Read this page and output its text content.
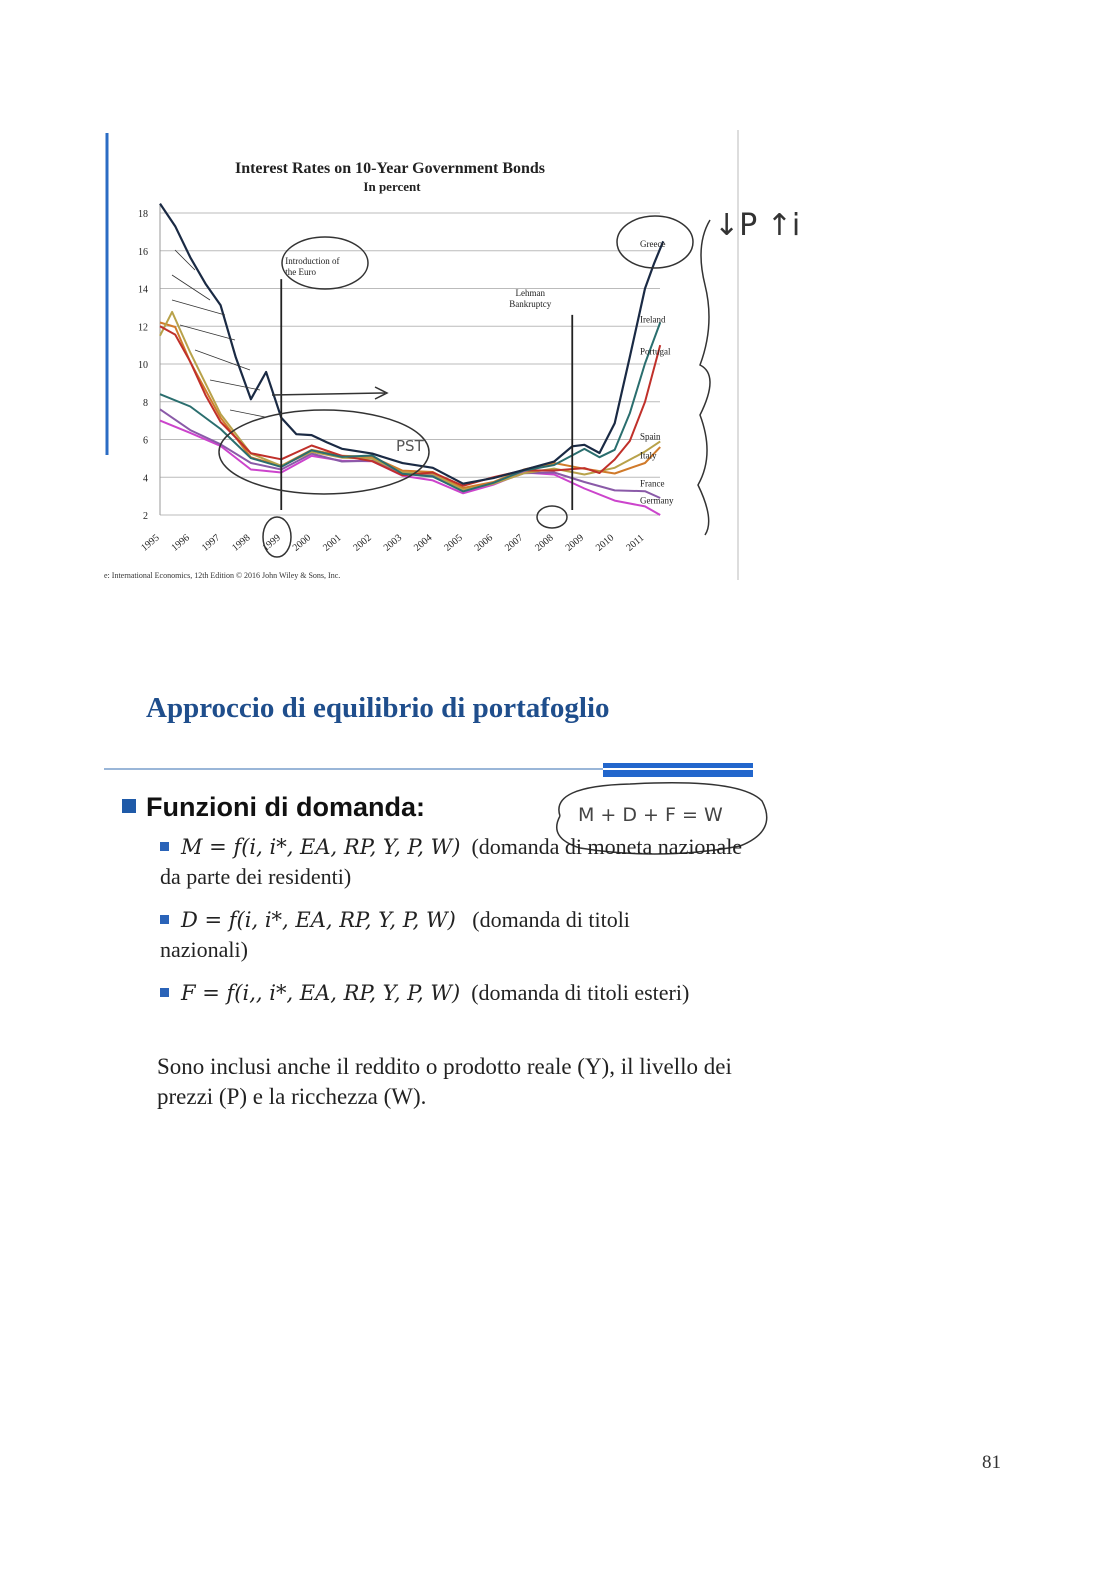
Interest Rates on 10-Year Government Bonds
In percent
2
4
6
8
10
12
14
16
18
1995 1996 1997 1998 1999 2000 2001 2002 2003 2004 2005 2006 2007 2008 2009 2010 2011
Greece
Ireland
Portugal
Spain
Italy
France
Germany
Introduction of
the Euro
Lehman
Bankruptcy
PST
e: International Economics, 12th Edition © 2016 John Wiley & Sons, Inc.
↓P ↑i
Approccio di equilibrio di portafoglio
Funzioni di domanda:	M + D + F = W
M = f(i, i*, EA, RP, Y, P, W) (domanda di moneta nazionale da parte dei residenti)
D = f(i, i*, EA, RP, Y, P, W) (domanda di titoli nazionali)
F = f(i,, i*, EA, RP, Y, P, W) (domanda di titoli esteri)
Sono inclusi anche il reddito o prodotto reale (Y), il livello dei prezzi (P) e la ricchezza (W).
81
